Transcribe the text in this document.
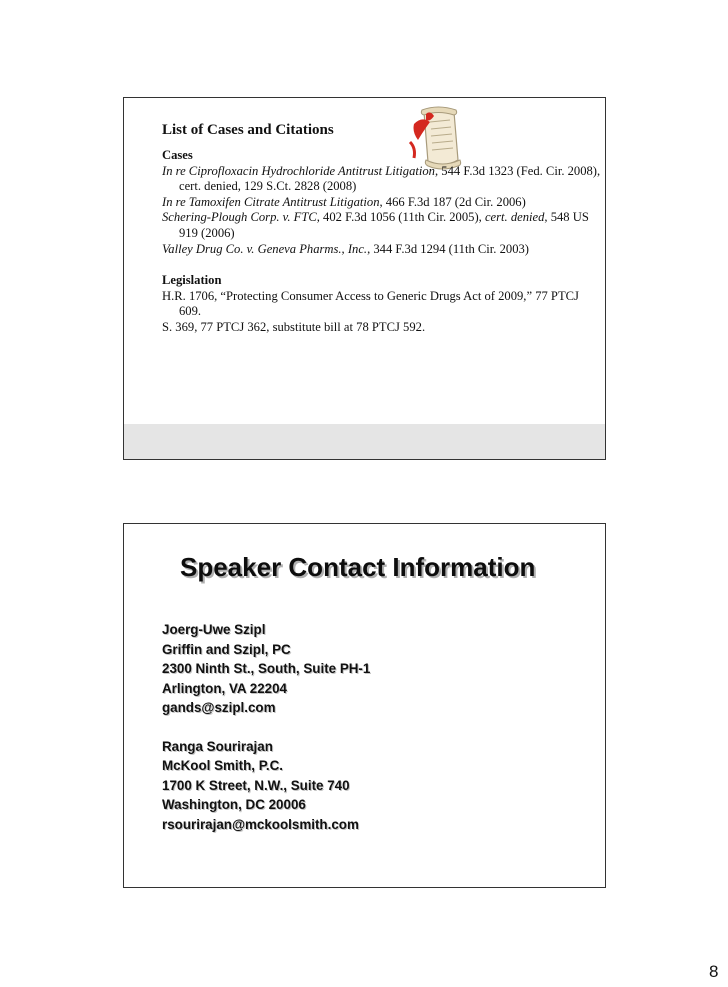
List of Cases and Citations
Cases
In re Ciprofloxacin Hydrochloride Antitrust Litigation, 544 F.3d 1323 (Fed. Cir. 2008), cert. denied, 129 S.Ct. 2828 (2008)
In re Tamoxifen Citrate Antitrust Litigation, 466 F.3d 187 (2d Cir. 2006)
Schering-Plough Corp. v. FTC, 402 F.3d 1056 (11th Cir. 2005), cert. denied, 548 US 919 (2006)
Valley Drug Co. v. Geneva Pharms., Inc., 344 F.3d 1294 (11th Cir. 2003)
Legislation
H.R. 1706, “Protecting Consumer Access to Generic Drugs Act of 2009,” 77 PTCJ 609.
S. 369, 77 PTCJ 362, substitute bill at 78 PTCJ 592.
Speaker Contact Information
Joerg-Uwe Szipl
Griffin and Szipl, PC
2300 Ninth St., South, Suite PH-1
Arlington, VA 22204
gands@szipl.com
Ranga Sourirajan
McKool Smith, P.C.
1700 K Street, N.W., Suite 740
Washington, DC 20006
rsourirajan@mckoolsmith.com
8
